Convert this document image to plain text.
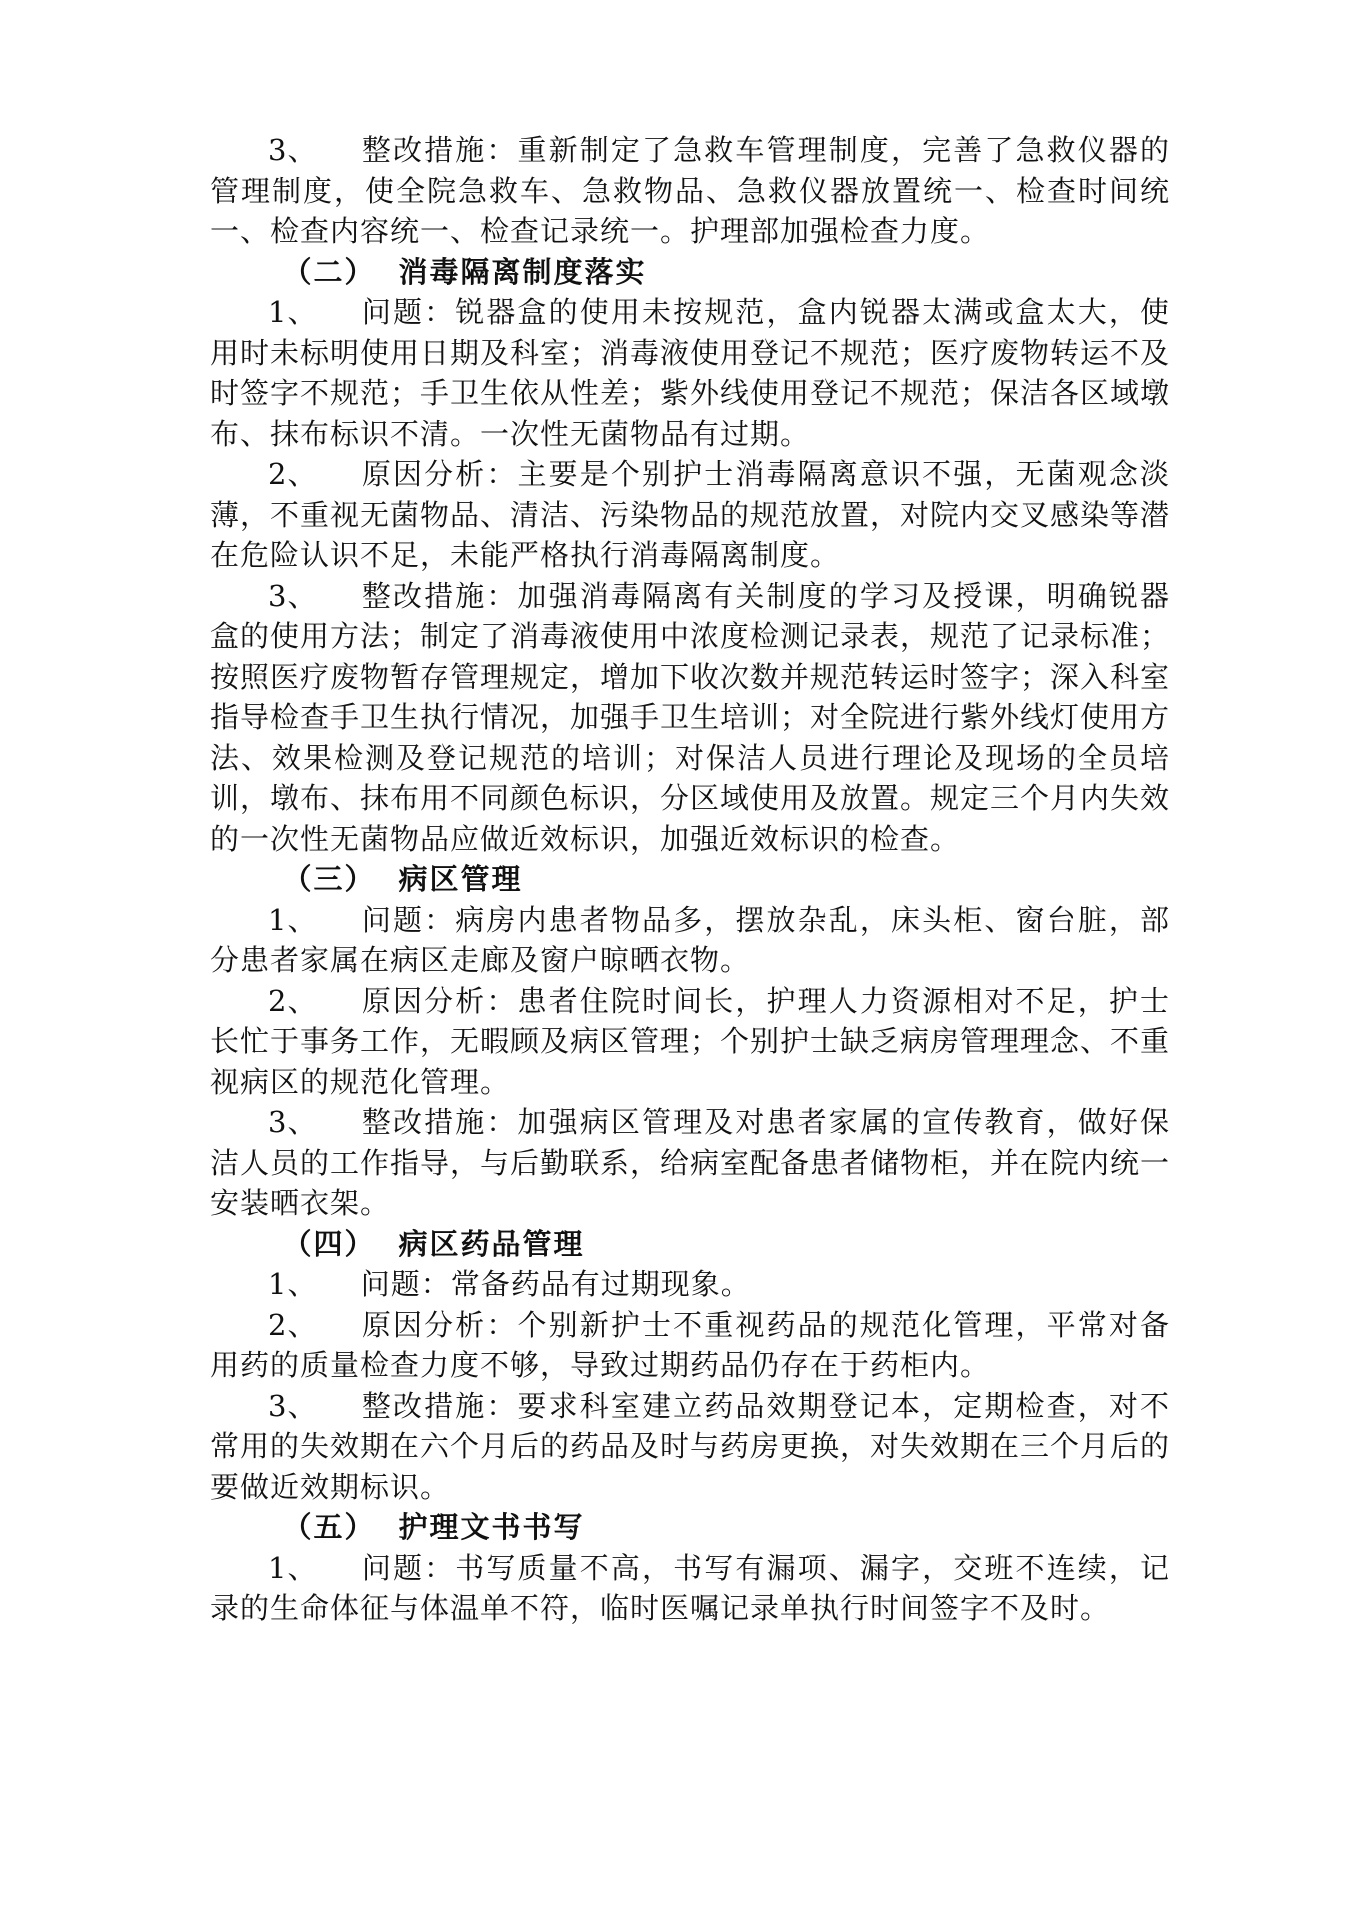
3、 整改措施：重新制定了急救车管理制度，完善了急救仪器的管理制度，使全院急救车、急救物品、急救仪器放置统一、检查时间统一、检查内容统一、检查记录统一。护理部加强检查力度。

（二） 消毒隔离制度落实

1、 问题：锐器盒的使用未按规范，盒内锐器太满或盒太大，使用时未标明使用日期及科室；消毒液使用登记不规范；医疗废物转运不及时签字不规范；手卫生依从性差；紫外线使用登记不规范；保洁各区域墩布、抹布标识不清。一次性无菌物品有过期。

2、 原因分析：主要是个别护士消毒隔离意识不强，无菌观念淡薄，不重视无菌物品、清洁、污染物品的规范放置，对院内交叉感染等潜在危险认识不足，未能严格执行消毒隔离制度。

3、 整改措施：加强消毒隔离有关制度的学习及授课，明确锐器盒的使用方法；制定了消毒液使用中浓度检测记录表，规范了记录标准；按照医疗废物暂存管理规定，增加下收次数并规范转运时签字；深入科室指导检查手卫生执行情况，加强手卫生培训；对全院进行紫外线灯使用方法、效果检测及登记规范的培训；对保洁人员进行理论及现场的全员培训，墩布、抹布用不同颜色标识，分区域使用及放置。规定三个月内失效的一次性无菌物品应做近效标识，加强近效标识的检查。

（三） 病区管理

1、 问题：病房内患者物品多，摆放杂乱，床头柜、窗台脏，部分患者家属在病区走廊及窗户晾晒衣物。

2、 原因分析：患者住院时间长，护理人力资源相对不足，护士长忙于事务工作，无暇顾及病区管理；个别护士缺乏病房管理理念、不重视病区的规范化管理。

3、 整改措施：加强病区管理及对患者家属的宣传教育，做好保洁人员的工作指导，与后勤联系，给病室配备患者储物柜，并在院内统一安装晒衣架。

（四） 病区药品管理

1、 问题：常备药品有过期现象。

2、 原因分析：个别新护士不重视药品的规范化管理，平常对备用药的质量检查力度不够，导致过期药品仍存在于药柜内。

3、 整改措施：要求科室建立药品效期登记本，定期检查，对不常用的失效期在六个月后的药品及时与药房更换，对失效期在三个月后的要做近效期标识。

（五） 护理文书书写

1、 问题：书写质量不高，书写有漏项、漏字，交班不连续，记录的生命体征与体温单不符，临时医嘱记录单执行时间签字不及时。
